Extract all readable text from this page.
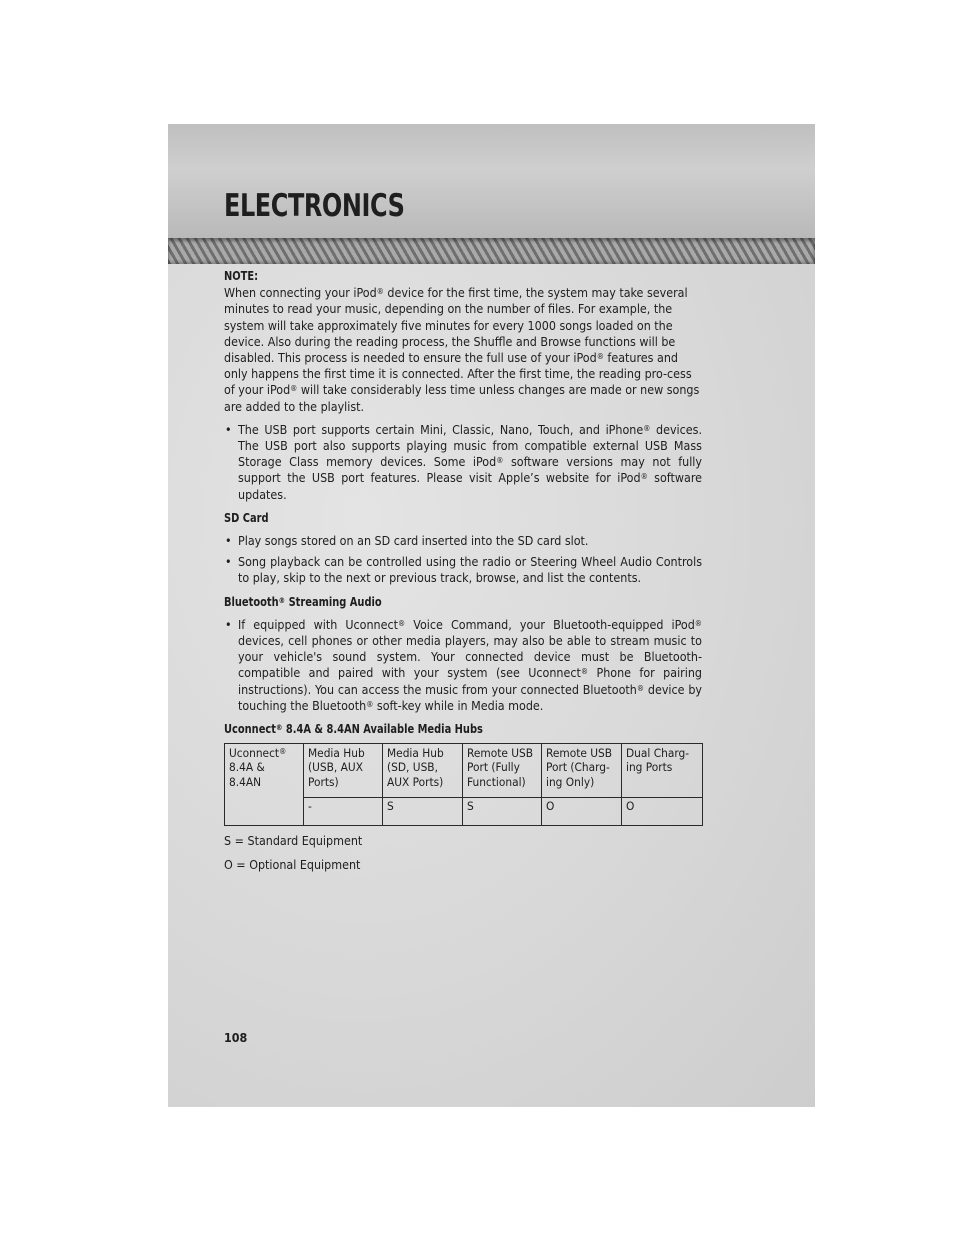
ELECTRONICS
NOTE:

When connecting your iPod® device for the first time, the system may take several minutes to read your music, depending on the number of files. For example, the system will take approximately five minutes for every 1000 songs loaded on the device. Also during the reading process, the Shuffle and Browse functions will be disabled. This process is needed to ensure the full use of your iPod® features and only happens the first time it is connected. After the first time, the reading pro-cess of your iPod® will take considerably less time unless changes are made or new songs are added to the playlist.

• The USB port supports certain Mini, Classic, Nano, Touch, and iPhone® devices. The USB port also supports playing music from compatible external USB Mass Storage Class memory devices. Some iPod® software versions may not fully support the USB port features. Please visit Apple’s website for iPod® software updates.
SD Card
• Play songs stored on an SD card inserted into the SD card slot.
• Song playback can be controlled using the radio or Steering Wheel Audio Controls to play, skip to the next or previous track, browse, and list the contents.
Bluetooth® Streaming Audio
• If equipped with Uconnect® Voice Command, your Bluetooth-equipped iPod® devices, cell phones or other media players, may also be able to stream music to your vehicle's sound system. Your connected device must be Bluetooth-compatible and paired with your system (see Uconnect® Phone for pairing instructions). You can access the music from your connected Bluetooth® device by touching the Bluetooth® soft-key while in Media mode.
Uconnect® 8.4A & 8.4AN Available Media Hubs
Uconnect® 8.4A & 8.4AN	Media Hub (USB, AUX Ports)	Media Hub (SD, USB, AUX Ports)	Remote USB Port (Fully Functional)	Remote USB Port (Charg-ing Only)	Dual Charg-ing Ports
	-	S	S	O	O

S = Standard Equipment

O = Optional Equipment

108
